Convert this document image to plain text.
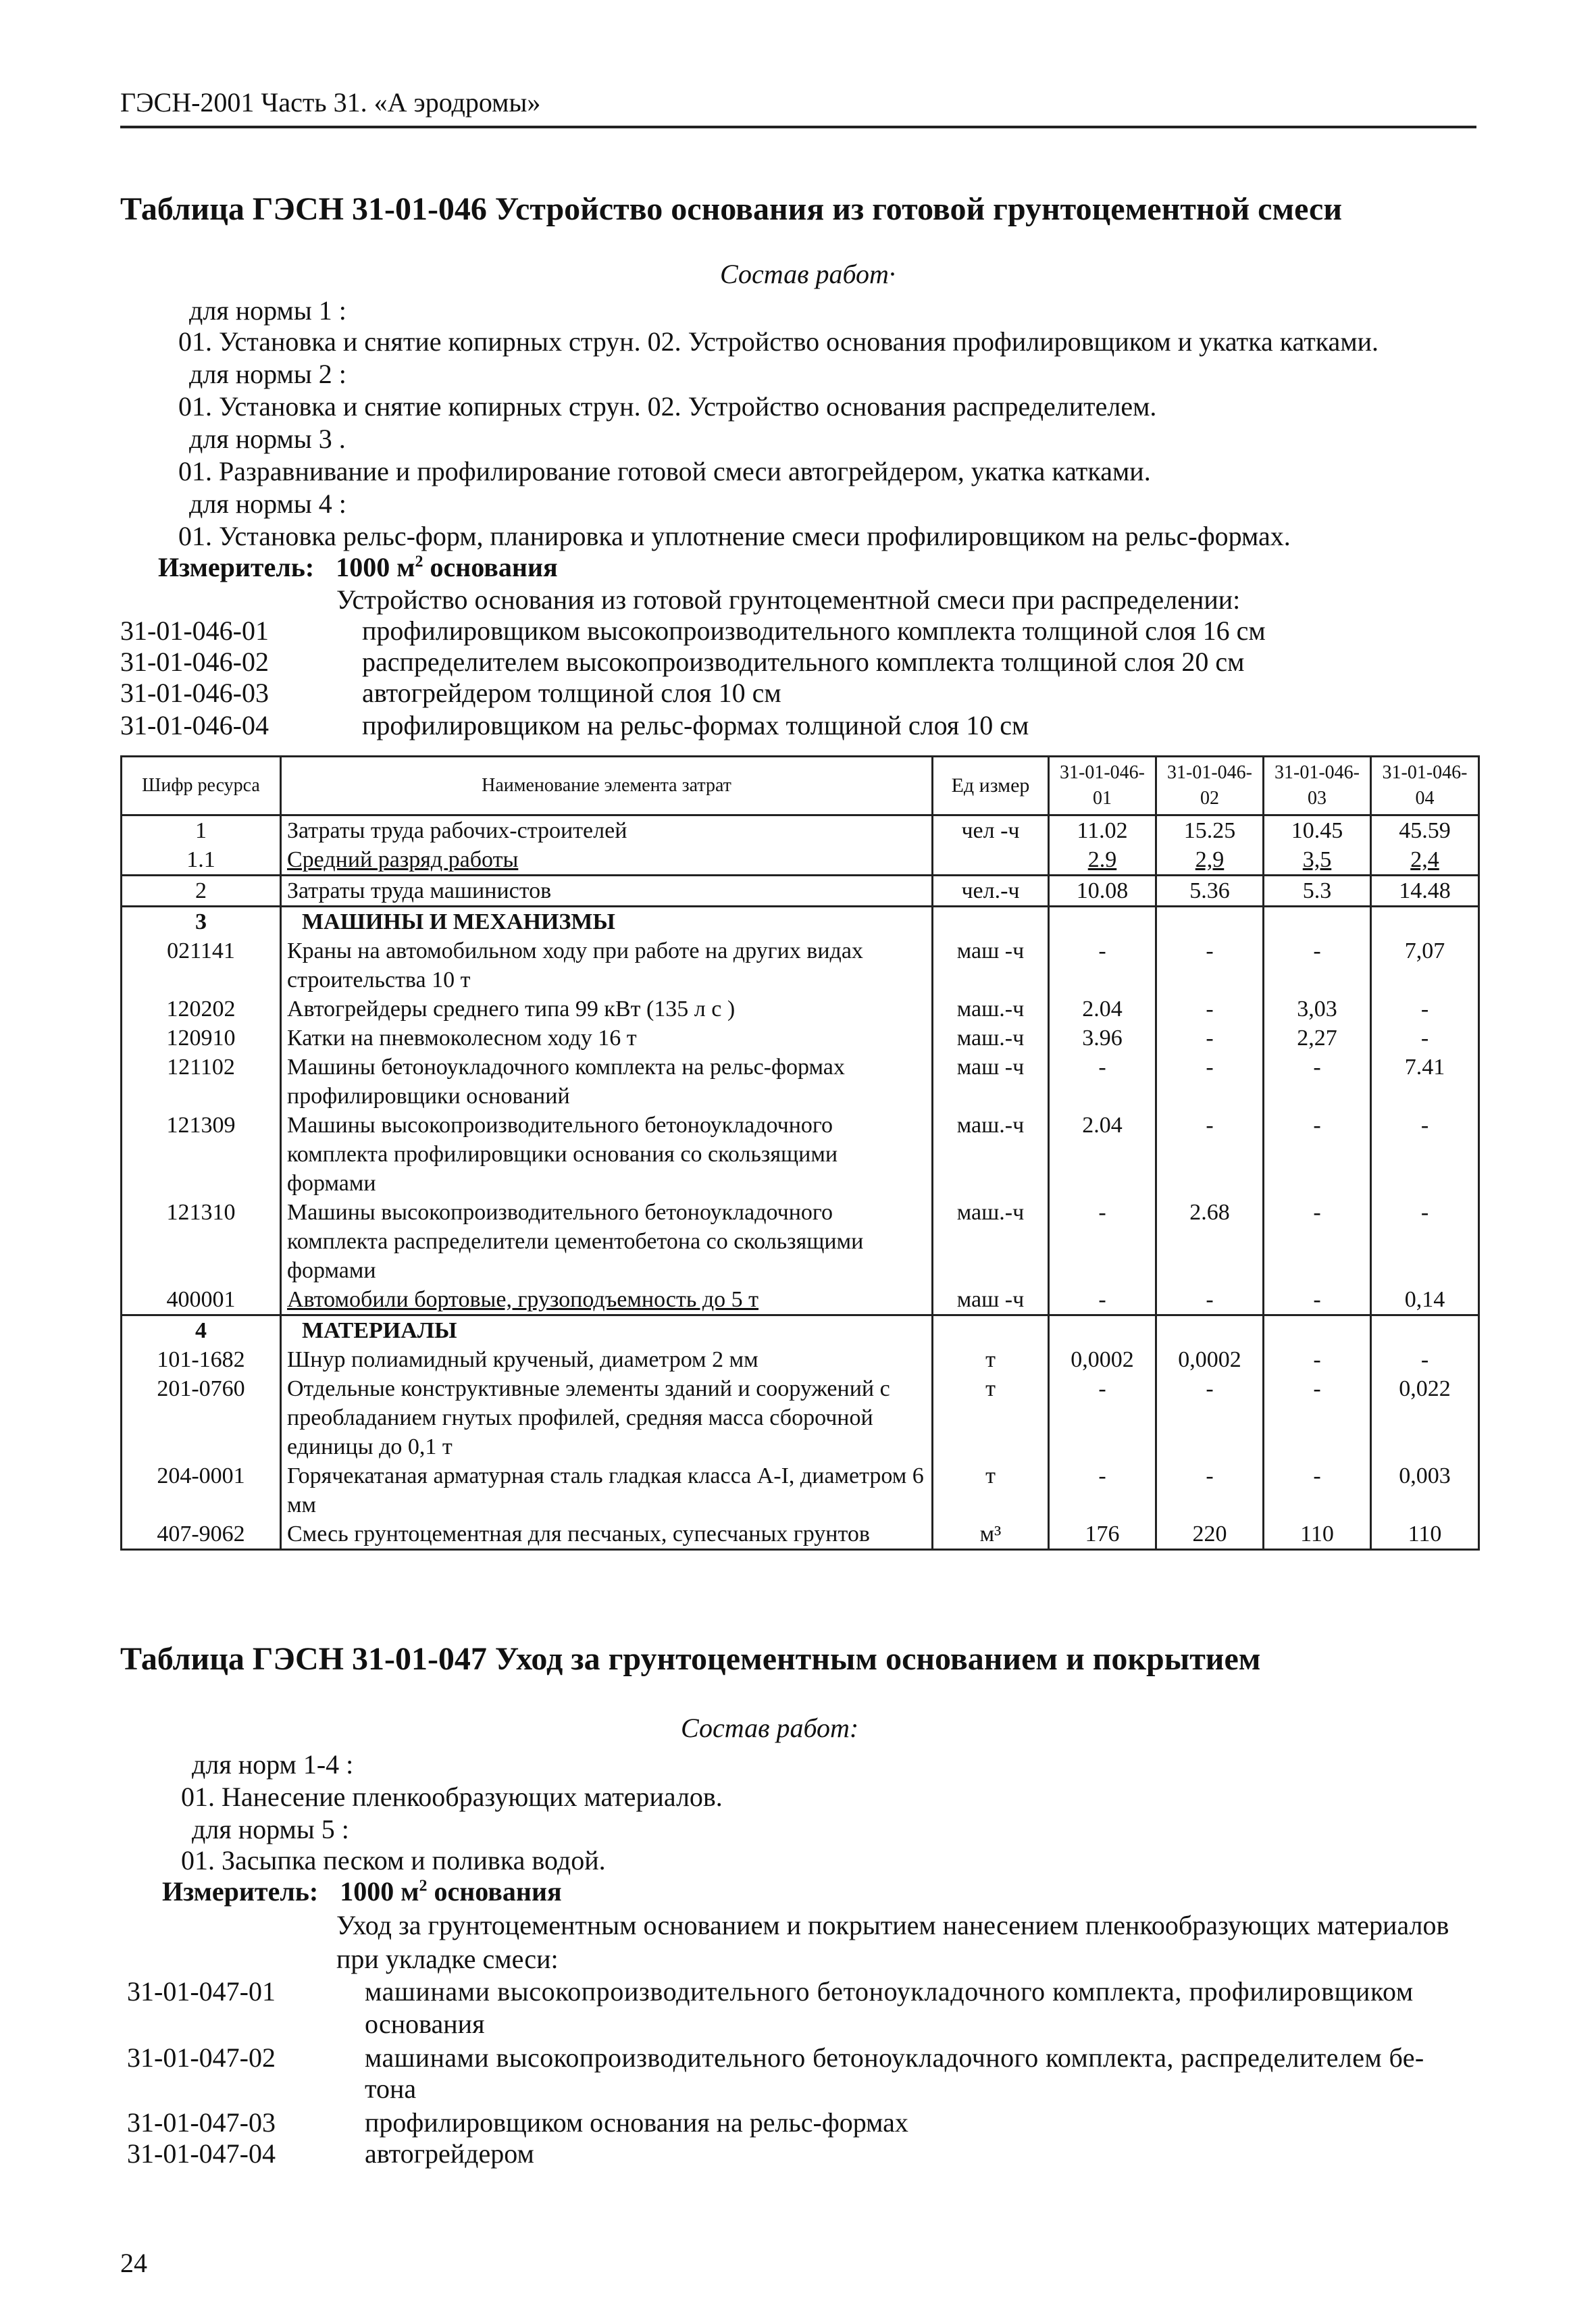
ГЭСН-2001 Часть 31. «А эродромы»
Таблица ГЭСН 31-01-046 Устройство основания из готовой грунтоцементной смеси
Состав работ·
для нормы 1 :
01. Установка и снятие копирных струн. 02. Устройство основания профилировщиком и укатка катками.
для нормы 2 :
01. Установка и снятие копирных струн. 02. Устройство основания распределителем.
для нормы 3 .
01. Разравнивание и профилирование готовой смеси автогрейдером, укатка катками.
для нормы 4 :
01. Установка рельс-форм, планировка и уплотнение смеси профилировщиком на рельс-формах.
Измеритель: 1000 $м^2$ основания
Устройство основания из готовой грунтоцементной смеси при распределении:
31-01-046-01	профилировщиком высокопроизводительного комплекта толщиной слоя 16 см
31-01-046-02	распределителем высокопроизводительного комплекта толщиной слоя 20 см
31-01-046-03	автогрейдером толщиной слоя 10 см
31-01-046-04	профилировщиком на рельс-формах толщиной слоя 10 см
Шифр ресурса	Наименование элемента затрат	Ед измер	31-01-046-01	31-01-046-02	31-01-046-03	31-01-046-04
1	Затраты труда рабочих-строителей	чел -ч	11.02	15.25	10.45	45.59
1.1	Средний разряд работы		2.9	2,9	3,5	2,4
2	Затраты труда машинистов	чел.-ч	10.08	5.36	5.3	14.48
3	МАШИНЫ И МЕХАНИЗМЫ					
021141	Краны на автомобильном ходу при работе на других видах строительства 10 т	маш -ч	-	-	-	7,07
120202	Автогрейдеры среднего типа 99 кВт (135 л с )	маш.-ч	2.04	-	3,03	-
120910	Катки на пневмоколесном ходу 16 т	маш.-ч	3.96	-	2,27	-
121102	Машины бетоноукладочного комплекта на рельс-формах профилировщики оснований	маш -ч	-	-	-	7.41
121309	Машины высокопроизводительного бетоноукладочного комплекта профилировщики основания со скользящими формами	маш.-ч	2.04	-	-	-
121310	Машины высокопроизводительного бетоноукладочного комплекта распределители цементобетона со скользящими формами	маш.-ч	-	2.68	-	-
400001	Автомобили бортовые, грузоподъемность до 5 т	маш -ч	-	-	-	0,14
4	МАТЕРИАЛЫ					
101-1682	Шнур полиамидный крученый, диаметром 2 мм	т	0,0002	0,0002	-	-
201-0760	Отдельные конструктивные элементы зданий и сооружений с преобладанием гнутых профилей, средняя масса сборочной единицы до 0,1 т	т	-	-	-	0,022
204-0001	Горячекатаная арматурная сталь гладкая класса А-I, диаметром 6 мм	т	-	-	-	0,003
407-9062	Смесь грунтоцементная для песчаных, супесчаных грунтов	м³	176	220	110	110
Таблица ГЭСН 31-01-047 Уход за грунтоцементным основанием и покрытием
Состав работ:
для норм 1-4 :
01. Нанесение пленкообразующих материалов.
для нормы 5 :
01. Засыпка песком и поливка водой.
Измеритель: 1000 $м^2$ основания
Уход за грунтоцементным основанием и покрытием нанесением пленкообразующих материалов
при укладке смеси:
31-01-047-01	машинами высокопроизводительного бетоноукладочного комплекта, профилировщиком
основания
31-01-047-02	машинами высокопроизводительного бетоноукладочного комплекта, распределителем бе-
тона
31-01-047-03	профилировщиком основания на рельс-формах
31-01-047-04	автогрейдером
24
